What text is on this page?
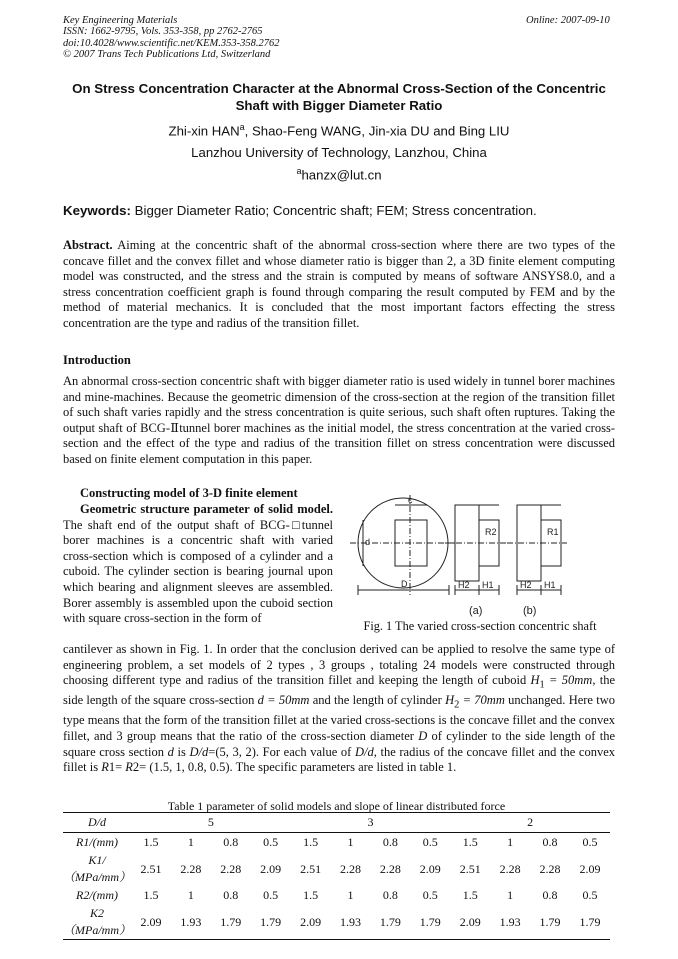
Key Engineering Materials
ISSN: 1662-9795, Vols. 353-358, pp 2762-2765
doi:10.4028/www.scientific.net/KEM.353-358.2762
© 2007 Trans Tech Publications Ltd, Switzerland
Online: 2007-09-10
On Stress Concentration Character at the Abnormal Cross-Section of the Concentric
Shaft with Bigger Diameter Ratio
Zhi-xin HAN$^a$, Shao-Feng WANG, Jin-xia DU and Bing LIU
Lanzhou University of Technology, Lanzhou, China
$^a$hanzx@lut.cn
Keywords: Bigger Diameter Ratio; Concentric shaft; FEM; Stress concentration.

Abstract. Aiming at the concentric shaft of the abnormal cross-section where there are two types of the concave fillet and the convex fillet and whose diameter ratio is bigger than 2, a 3D finite element computing model was constructed, and the stress and the strain is computed by means of software ANSYS8.0, and a stress concentration coefficient graph is found through comparing the result computed by FEM and by the method of material mechanics. It is concluded that the most important factors effecting the stress concentration are the type and radius of the transition fillet.

Introduction

An abnormal cross-section concentric shaft with bigger diameter ratio is used widely in tunnel borer machines and mine-machines. Because the geometric dimension of the cross-section at the region of the transition fillet of such shaft varies rapidly and the stress concentration is quite serious, such shaft often ruptures. Taking the output shaft of BCG-Ⅱtunnel borer machines as the initial model, the stress concentration at the varied cross-section and the effect of the type and radius of the transition fillet on stress concentration were discussed based on finite element computation in this paper.

Constructing model of 3-D finite element

Geometric structure parameter of solid model. The shaft end of the output shaft of BCG-□tunnel borer machines is a concentric shaft with varied cross-section which is composed of a cylinder and a cuboid. The cylinder section is bearing journal upon which bearing and alignment sleeves are assembled. Borer assembly is assembled upon the cuboid section with square cross-section in the form of

D
d
c
H2 H1
R2
H2 H1
R1
(a)	(b)
Fig. 1 The varied cross-section concentric shaft

cantilever as shown in Fig. 1. In order that the conclusion derived can be applied to resolve the same type of engineering problem, a set models of 2 types , 3 groups , totaling 24 models were constructed through choosing different type and radius of the transition fillet and keeping the length of cuboid $H_1 = 50mm$, the side length of the square cross-section d = 50mm and the length of cylinder $H_2 = 70mm$ unchanged. Here two type means that the form of the transition fillet at the varied cross-sections is the concave fillet and the convex fillet, and 3 group means that the ratio of the cross-section diameter D of cylinder to the side length of the square cross section d is D/d=(5, 3, 2). For each value of D/d, the radius of the concave fillet and the convex fillet is R1= R2= (1.5, 1, 0.8, 0.5). The specific parameters are listed in table 1.

Table 1 parameter of solid models and slope of linear distributed force
D/d	5				3				2			
R1/(mm)	1.5	1	0.8	0.5	1.5	1	0.8	0.5	1.5	1	0.8	0.5
K1/（MPa/mm）	2.51	2.28	2.28	2.09	2.51	2.28	2.28	2.09	2.51	2.28	2.28	2.09
R2/(mm)	1.5	1	0.8	0.5	1.5	1	0.8	0.5	1.5	1	0.8	0.5
K2（MPa/mm）	2.09	1.93	1.79	1.79	2.09	1.93	1.79	1.79	2.09	1.93	1.79	1.79
